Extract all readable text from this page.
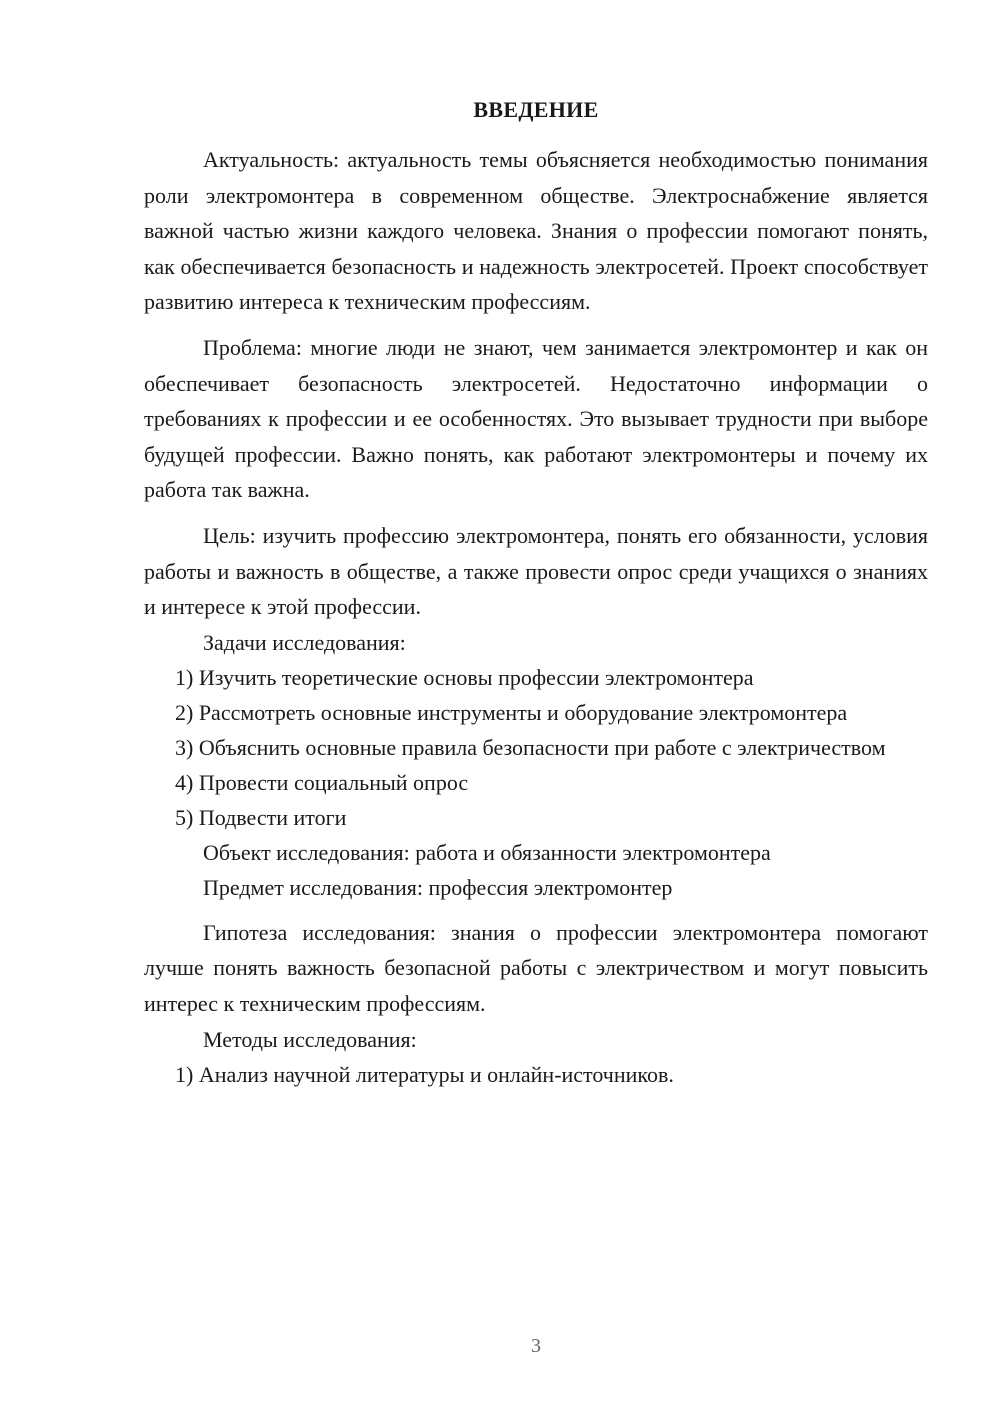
ВВЕДЕНИЕ

Актуальность: актуальность темы объясняется необходимостью понимания роли электромонтера в современном обществе. Электроснабжение является важной частью жизни каждого человека. Знания о профессии помогают понять, как обеспечивается безопасность и надежность электросетей. Проект способствует развитию интереса к техническим профессиям.

Проблема: многие люди не знают, чем занимается электромонтер и как он обеспечивает безопасность электросетей. Недостаточно информации о требованиях к профессии и ее особенностях. Это вызывает трудности при выборе будущей профессии. Важно понять, как работают электромонтеры и почему их работа так важна.

Цель: изучить профессию электромонтера, понять его обязанности, условия работы и важность в обществе, а также провести опрос среди учащихся о знаниях и интересе к этой профессии.

Задачи исследования:

1) Изучить теоретические основы профессии электромонтера

2) Рассмотреть основные инструменты и оборудование электромонтера

3) Объяснить основные правила безопасности при работе с электричеством

4) Провести социальный опрос

5) Подвести итоги

Объект исследования: работа и обязанности электромонтера

Предмет исследования: профессия электромонтер

Гипотеза исследования: знания о профессии электромонтера помогают лучше понять важность безопасной работы с электричеством и могут повысить интерес к техническим профессиям.

Методы исследования:

1) Анализ научной литературы и онлайн-источников.

3
